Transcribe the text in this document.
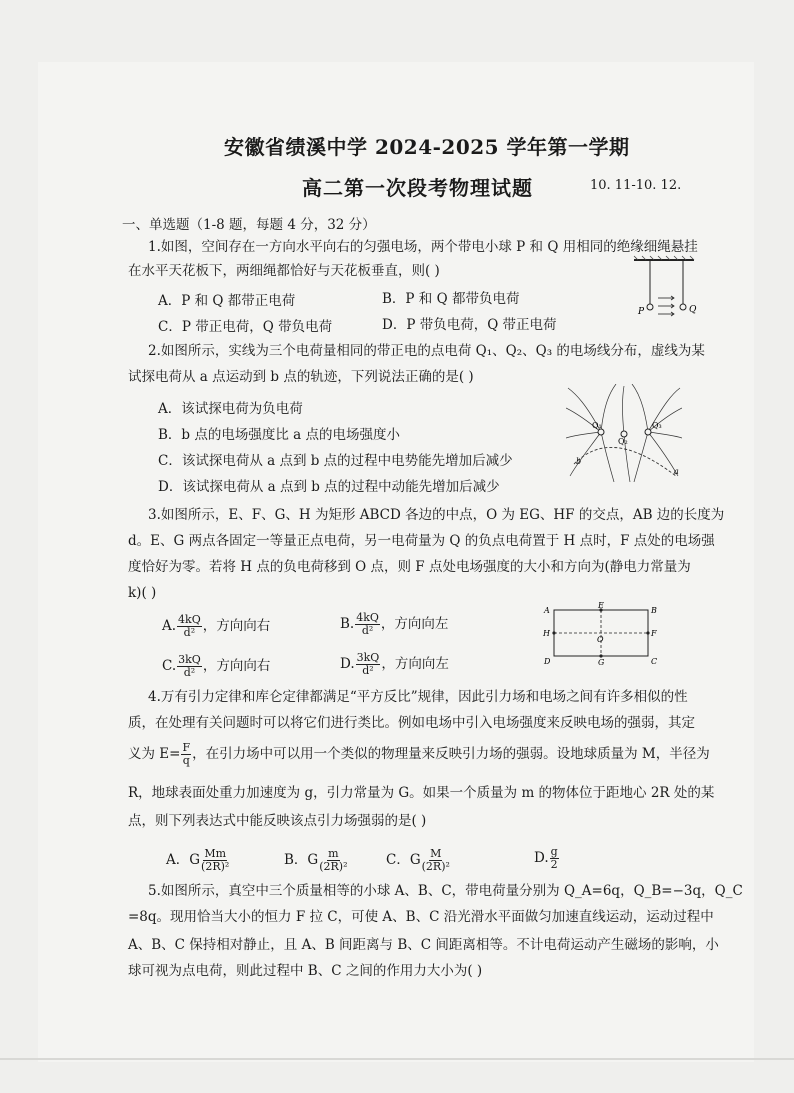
安徽省绩溪中学 2024-2025 学年第一学期
高二第一次段考物理试题	10. 11-10. 12.
一、单选题（1-8 题，每题 4 分，32 分）
1.如图，空间存在一方向水平向右的匀强电场，两个带电小球 P 和 Q 用相同的绝缘细绳悬挂
在水平天花板下，两细绳都恰好与天花板垂直，则( )
A．P 和 Q 都带正电荷	B．P 和 Q 都带负电荷
C．P 带正电荷，Q 带负电荷	D．P 带负电荷，Q 带正电荷
P	Q
2.如图所示，实线为三个电荷量相同的带正电的点电荷 Q₁、Q₂、Q₃ 的电场线分布，虚线为某
试探电荷从 a 点运动到 b 点的轨迹，下列说法正确的是( )
A．该试探电荷为负电荷
B．b 点的电场强度比 a 点的电场强度小
C．该试探电荷从 a 点到 b 点的过程中电势能先增加后减少
D．该试探电荷从 a 点到 b 点的过程中动能先增加后减少
Q₁
Q₂
Q₃
b
a
3.如图所示，E、F、G、H 为矩形 ABCD 各边的中点，O 为 EG、HF 的交点，AB 边的长度为
d。E、G 两点各固定一等量正点电荷，另一电荷量为 Q 的负点电荷置于 H 点时，F 点处的电场强
度恰好为零。若将 H 点的负电荷移到 O 点，则 F 点处电场强度的大小和方向为(静电力常量为
k)( )
A. $\frac{4kQ}{\text{d²}}$ ，方向向右	B. $\frac{4kQ}{\text{d²}}$ ，方向向左
C. $\frac{3kQ}{\text{d²}}$ ，方向向右	D. $\frac{3kQ}{\text{d²}}$ ，方向向左
A	B
C
D
E
F
G
H
O
4.万有引力定律和库仑定律都满足“平方反比”规律，因此引力场和电场之间有许多相似的性
质，在处理有关问题时可以将它们进行类比。例如电场中引入电场强度来反映电场的强弱，其定
义为 $E= \frac{F}{q}$ ，在引力场中可以用一个类似的物理量来反映引力场的强弱。设地球质量为 M，半径为
R，地球表面处重力加速度为 g，引力常量为 G。如果一个质量为 m 的物体位于距地心 2R 处的某
点，则下列表达式中能反映该点引力场强弱的是( )
A．G $\frac{Mm}{\text{(2R)²}}$	B．G $\frac{m}{\text{(2R)²}}$	C．G $\frac{M}{\text{(2R)²}}$	D. $\frac{g}{2}$
5.如图所示，真空中三个质量相等的小球 A、B、C，带电荷量分别为 Q_A=6q，Q_B=−3q，Q_C
=8q。现用恰当大小的恒力 F 拉 C，可使 A、B、C 沿光滑水平面做匀加速直线运动，运动过程中
A、B、C 保持相对静止，且 A、B 间距离与 B、C 间距离相等。不计电荷运动产生磁场的影响，小
球可视为点电荷，则此过程中 B、C 之间的作用力大小为( )
